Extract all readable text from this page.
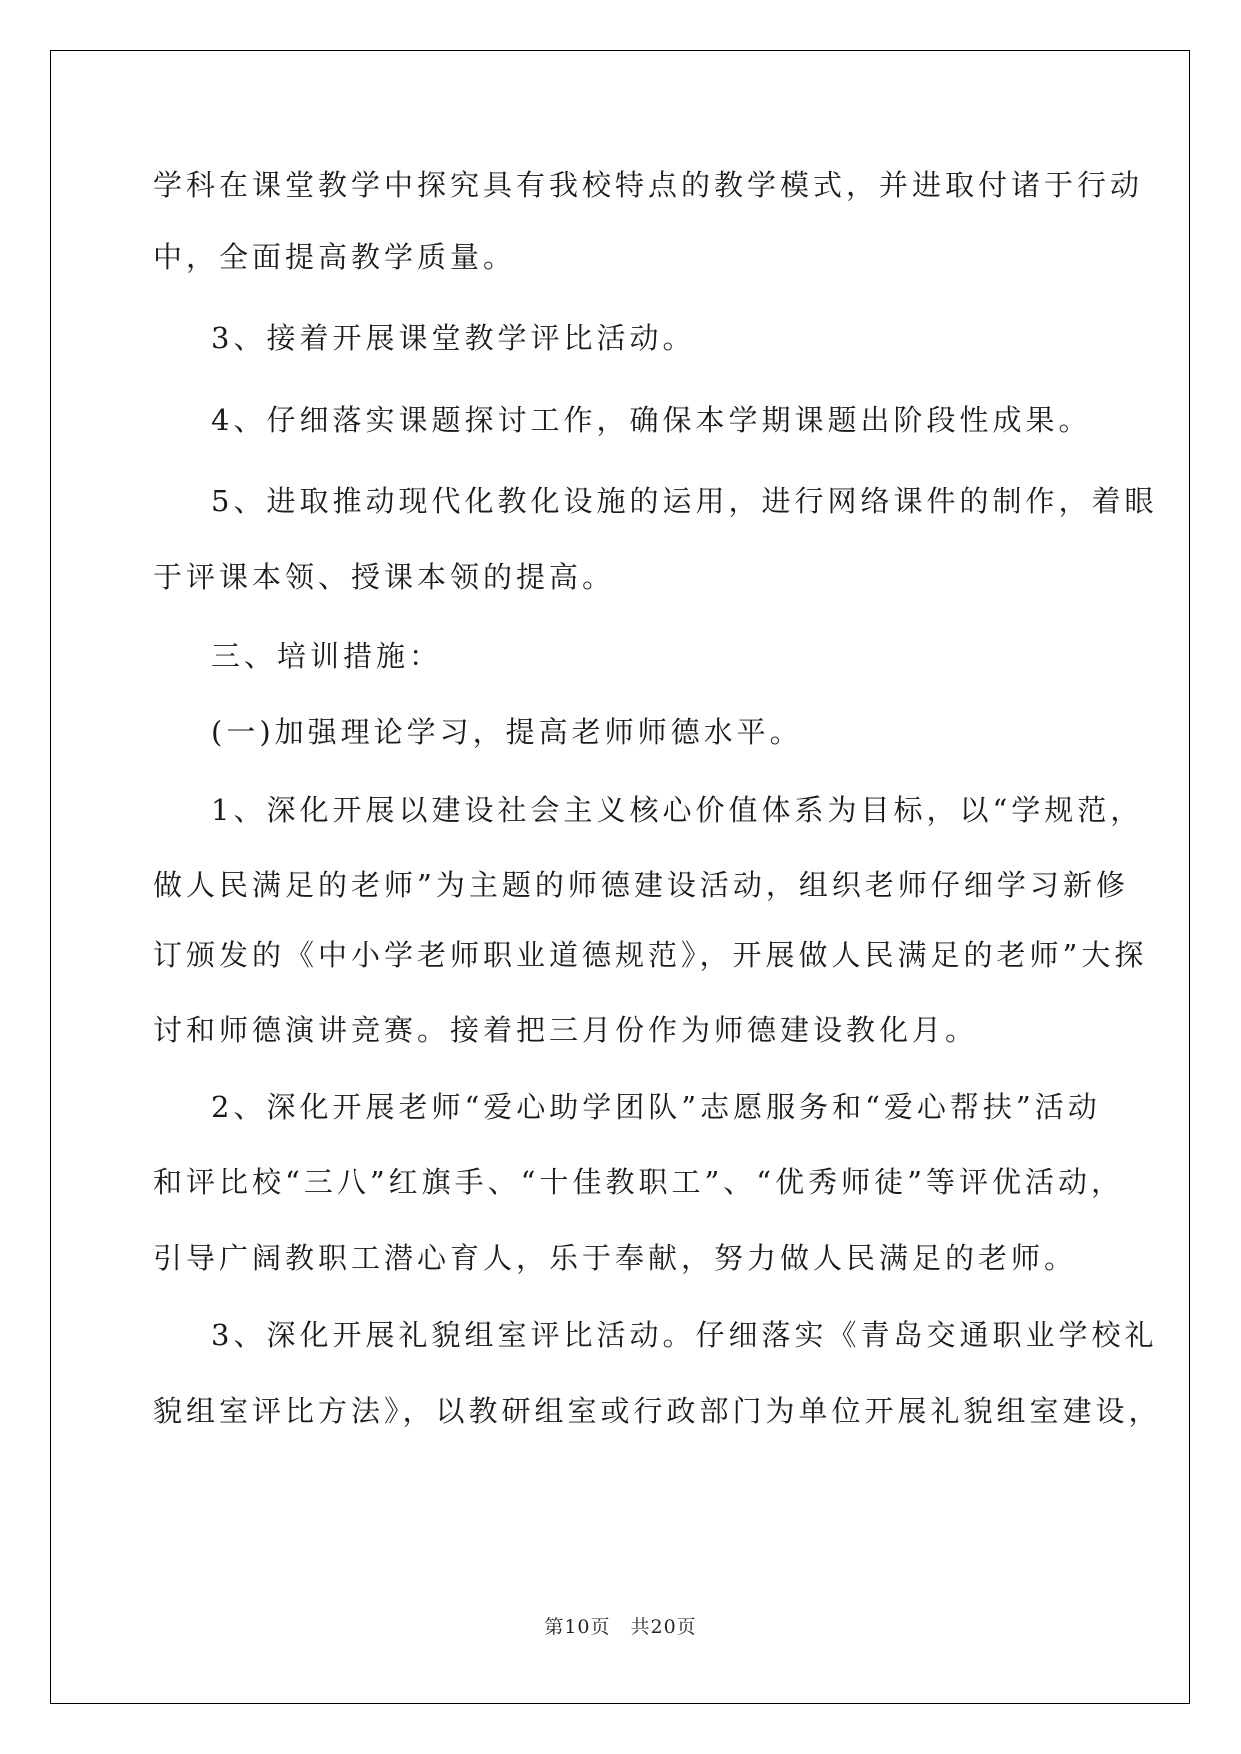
学科在课堂教学中探究具有我校特点的教学模式，并进取付诸于行动
中，全面提高教学质量。
3、接着开展课堂教学评比活动。
4、仔细落实课题探讨工作，确保本学期课题出阶段性成果。
5、进取推动现代化教化设施的运用，进行网络课件的制作，着眼
于评课本领、授课本领的提高。
三、培训措施：
(一)加强理论学习，提高老师师德水平。
1、深化开展以建设社会主义核心价值体系为目标，以“学规范，
做人民满足的老师”为主题的师德建设活动，组织老师仔细学习新修
订颁发的《中小学老师职业道德规范》，开展做人民满足的老师”大探
讨和师德演讲竞赛。接着把三月份作为师德建设教化月。
2、深化开展老师“爱心助学团队”志愿服务和“爱心帮扶”活动
和评比校“三八”红旗手、“十佳教职工”、“优秀师徒”等评优活动，
引导广阔教职工潜心育人，乐于奉献，努力做人民满足的老师。
3、深化开展礼貌组室评比活动。仔细落实《青岛交通职业学校礼
貌组室评比方法》，以教研组室或行政部门为单位开展礼貌组室建设，
第10页　共20页
